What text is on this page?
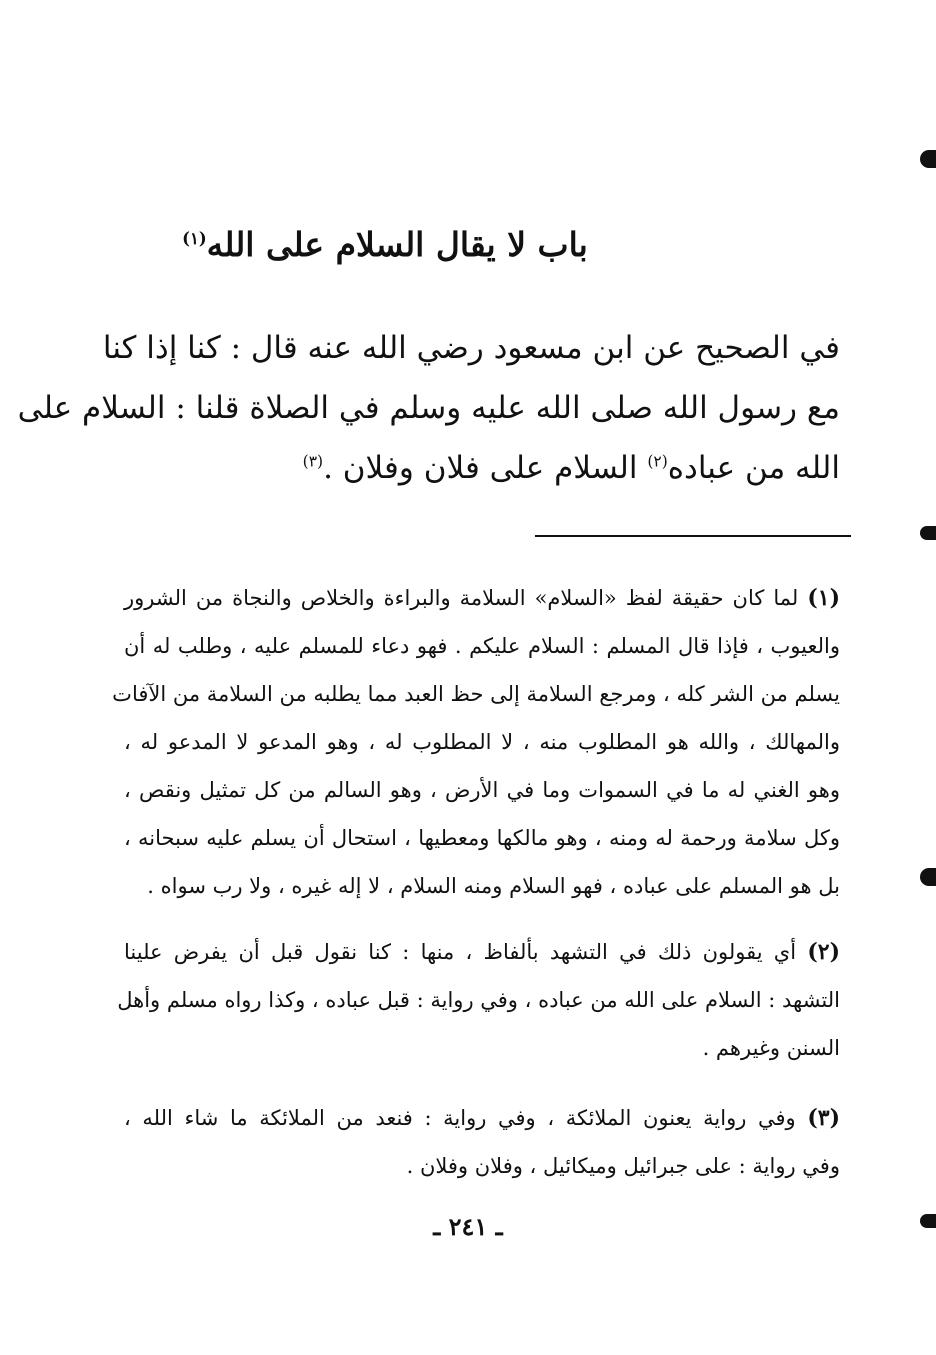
باب لا يقال السلام على الله$^{(١)}$
في الصحيح عن ابن مسعود رضي الله عنه قال : كنا إذا كنا
مع رسول الله صلى الله عليه وسلم في الصلاة قلنا : السلام على
الله من عباده$^{(٢)}$ السلام على فلان وفلان .$^{(٣)}$
(١) لما كان حقيقة لفظ «السلام» السلامة والبراءة والخلاص والنجاة من الشرور
والعيوب ، فإذا قال المسلم : السلام عليكم . فهو دعاء للمسلم عليه ، وطلب له أن
يسلم من الشر كله ، ومرجع السلامة إلى حظ العبد مما يطلبه من السلامة من الآفات
والمهالك ، والله هو المطلوب منه ، لا المطلوب له ، وهو المدعو لا المدعو له ،
وهو الغني له ما في السموات وما في الأرض ، وهو السالم من كل تمثيل ونقص ،
وكل سلامة ورحمة له ومنه ، وهو مالكها ومعطيها ، استحال أن يسلم عليه سبحانه ،
بل هو المسلم على عباده ، فهو السلام ومنه السلام ، لا إله غيره ، ولا رب سواه .
(٢) أي يقولون ذلك في التشهد بألفاظ ، منها : كنا نقول قبل أن يفرض علينا
التشهد : السلام على الله من عباده ، وفي رواية : قبل عباده ، وكذا رواه مسلم وأهل
السنن وغيرهم .
(٣) وفي رواية يعنون الملائكة ، وفي رواية : فنعد من الملائكة ما شاء الله ،
وفي رواية : على جبرائيل وميكائيل ، وفلان وفلان .
ـ ٢٤١ ـ
